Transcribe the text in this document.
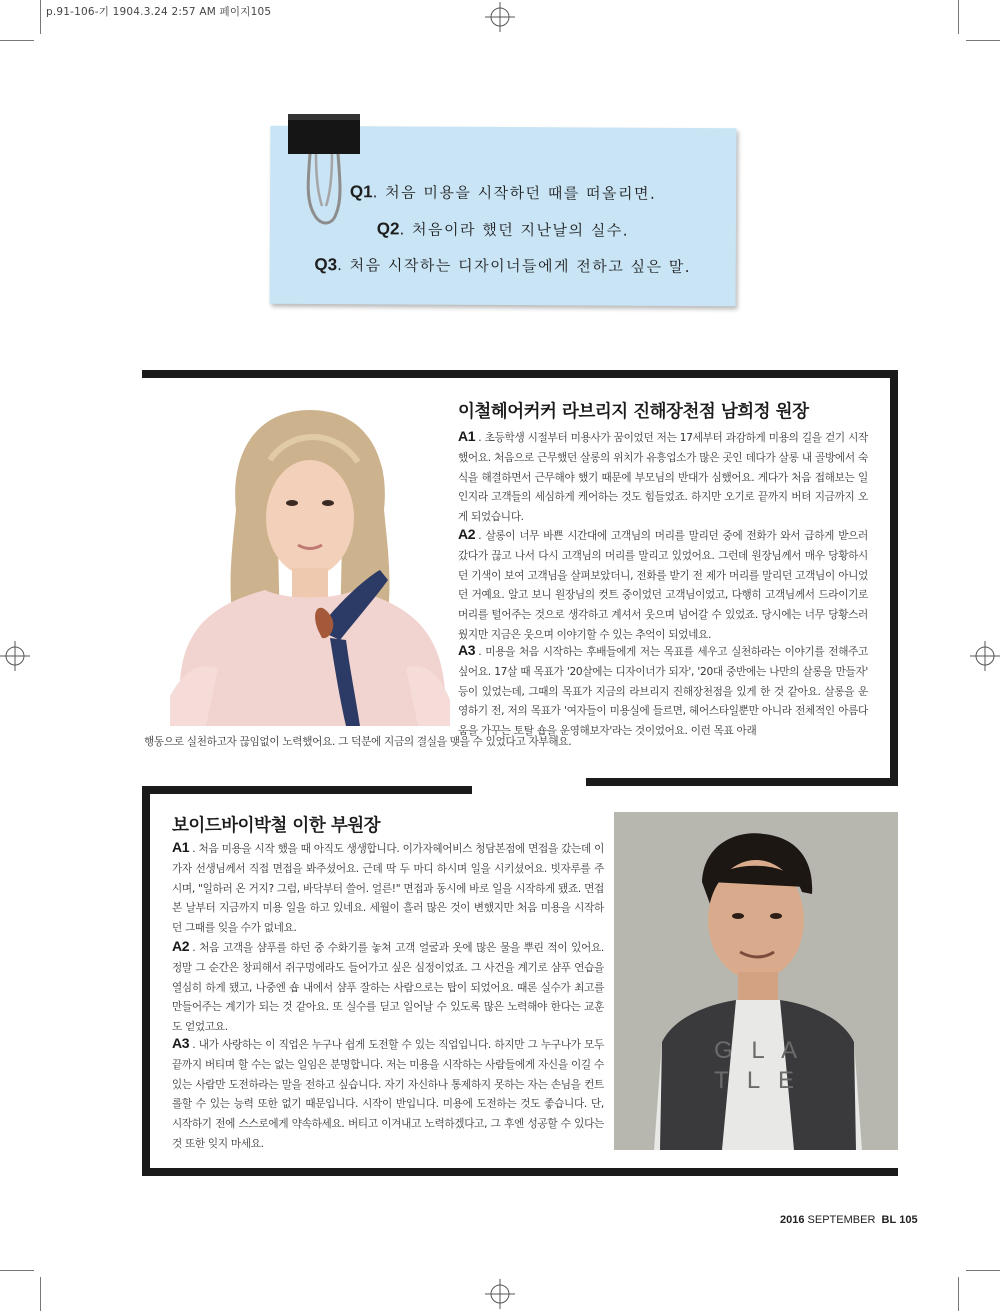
p.91-106-기 1904.3.24 2:57 AM 페이지105
Q1. 처음 미용을 시작하던 때를 떠올리면.
Q2. 처음이라 했던 지난날의 실수.
Q3. 처음 시작하는 디자이너들에게 전하고 싶은 말.
이철헤어커커 라브리지 진해장천점 남희정 원장
A1 . 초등학생 시절부터 미용사가 꿈이었던 저는 17세부터 과감하게 미용의 길을 걷기 시작했어요. 처음으로 근무했던 살롱의 위치가 유흥업소가 많은 곳인 데다가 살롱 내 골방에서 숙식을 해결하면서 근무해야 했기 때문에 부모님의 반대가 심했어요. 게다가 처음 접해보는 일인지라 고객들의 세심하게 케어하는 것도 힘들었죠. 하지만 오기로 끝까지 버텨 지금까지 오게 되었습니다.
A2 . 살롱이 너무 바쁜 시간대에 고객님의 머리를 말리던 중에 전화가 와서 급하게 받으러 갔다가 끊고 나서 다시 고객님의 머리를 말리고 있었어요. 그런데 원장님께서 매우 당황하시던 기색이 보여 고객님을 살펴보았더니, 전화를 받기 전 제가 머리를 말리던 고객님이 아니었던 거예요. 알고 보니 원장님의 컷트 중이었던 고객님이었고, 다행히 고객님께서 드라이기로 머리를 털어주는 것으로 생각하고 계셔서 웃으며 넘어갈 수 있었죠. 당시에는 너무 당황스러웠지만 지금은 웃으며 이야기할 수 있는 추억이 되었네요.
A3 . 미용을 처음 시작하는 후배들에게 저는 목표를 세우고 실천하라는 이야기를 전해주고 싶어요. 17살 때 목표가 '20살에는 디자이너가 되자', '20대 중반에는 나만의 살롱을 만들자' 등이 있었는데, 그때의 목표가 지금의 라브리지 진해장천점을 있게 한 것 같아요. 살롱을 운영하기 전, 저의 목표가 '여자들이 미용실에 들르면, 헤어스타일뿐만 아니라 전체적인 아름다움을 가꾸는 토탈 숍을 운영해보자'라는 것이었어요. 이런 목표 아래
행동으로 실천하고자 끊임없이 노력했어요. 그 덕분에 지금의 결실을 맺을 수 있었다고 자부해요.
보이드바이박철 이한 부원장
A1 . 처음 미용을 시작 했을 때 아직도 생생합니다. 이가자헤어비스 청담본점에 면접을 갔는데 이가자 선생님께서 직접 면접을 봐주셨어요. 근데 딱 두 마디 하시며 일을 시키셨어요. 빗자루를 주시며, "일하러 온 거지? 그럼, 바닥부터 쓸어. 얼른!" 면접과 동시에 바로 일을 시작하게 됐죠. 면접 본 날부터 지금까지 미용 일을 하고 있네요. 세월이 흘러 많은 것이 변했지만 처음 미용을 시작하던 그때를 잊을 수가 없네요.
A2 . 처음 고객을 샴푸를 하던 중 수화기를 놓쳐 고객 얼굴과 옷에 많은 물을 뿌린 적이 있어요. 정말 그 순간은 창피해서 쥐구멍에라도 들어가고 싶은 심정이었죠. 그 사건을 계기로 샴푸 연습을 열심히 하게 됐고, 나중엔 숍 내에서 샴푸 잘하는 사람으로는 탑이 되었어요. 때론 실수가 최고를 만들어주는 계기가 되는 것 같아요. 또 실수를 딛고 일어날 수 있도록 많은 노력해야 한다는 교훈도 얻었고요.
A3 . 내가 사랑하는 이 직업은 누구나 쉽게 도전할 수 있는 직업입니다. 하지만 그 누구나가 모두 끝까지 버티며 할 수는 없는 일임은 분명합니다. 저는 미용을 시작하는 사람들에게 자신을 이길 수 있는 사람만 도전하라는 말을 전하고 싶습니다. 자기 자신하나 통제하지 못하는 자는 손님을 컨트롤할 수 있는 능력 또한 없기 때문입니다. 시작이 반입니다. 미용에 도전하는 것도 좋습니다. 단, 시작하기 전에 스스로에게 약속하세요. 버티고 이겨내고 노력하겠다고, 그 후엔 성공할 수 있다는 것 또한 잊지 마세요.
G L A
T L E
2016 SEPTEMBER BL 105
